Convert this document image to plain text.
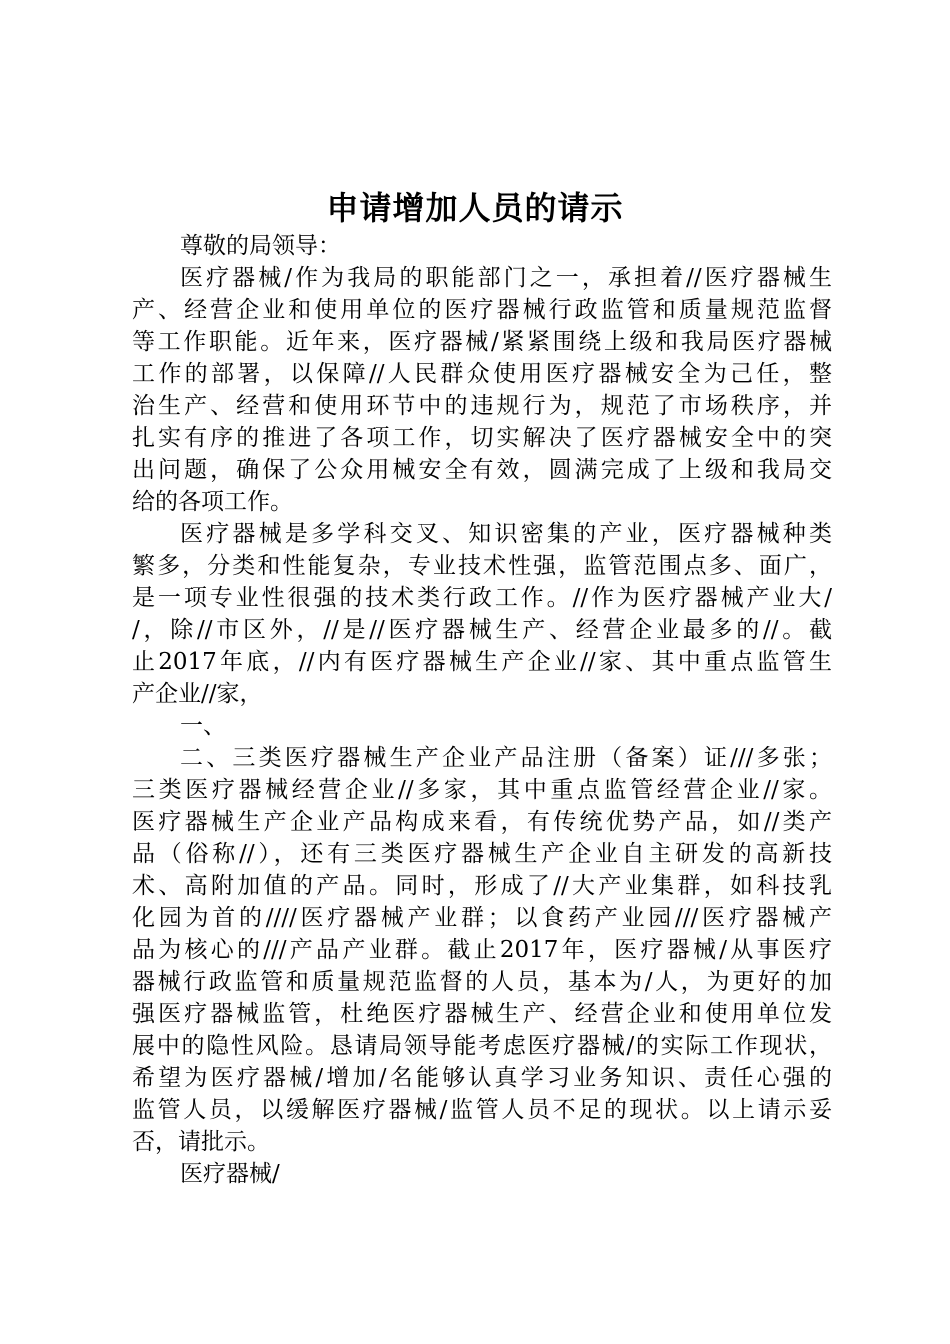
申请增加人员的请示
尊敬的局领导：
医疗器械/作为我局的职能部门之一，承担着//医疗器械生
产、经营企业和使用单位的医疗器械行政监管和质量规范监督
等工作职能。近年来，医疗器械/紧紧围绕上级和我局医疗器械
工作的部署，以保障//人民群众使用医疗器械安全为己任，整
治生产、经营和使用环节中的违规行为，规范了市场秩序，并
扎实有序的推进了各项工作，切实解决了医疗器械安全中的突
出问题，确保了公众用械安全有效，圆满完成了上级和我局交
给的各项工作。
医疗器械是多学科交叉、知识密集的产业，医疗器械种类
繁多，分类和性能复杂，专业技术性强，监管范围点多、面广，
是一项专业性很强的技术类行政工作。//作为医疗器械产业大/
/，除//市区外，//是//医疗器械生产、经营企业最多的//。截
止2017年底，//内有医疗器械生产企业//家、其中重点监管生
产企业//家，
一、
二、三类医疗器械生产企业产品注册（备案）证///多张；
三类医疗器械经营企业//多家，其中重点监管经营企业//家。
医疗器械生产企业产品构成来看，有传统优势产品，如//类产
品（俗称//），还有三类医疗器械生产企业自主研发的高新技
术、高附加值的产品。同时，形成了//大产业集群，如科技乳
化园为首的////医疗器械产业群；以食药产业园///医疗器械产
品为核心的///产品产业群。截止2017年，医疗器械/从事医疗
器械行政监管和质量规范监督的人员，基本为/人，为更好的加
强医疗器械监管，杜绝医疗器械生产、经营企业和使用单位发
展中的隐性风险。恳请局领导能考虑医疗器械/的实际工作现状，
希望为医疗器械/增加/名能够认真学习业务知识、责任心强的
监管人员，以缓解医疗器械/监管人员不足的现状。以上请示妥
否，请批示。
医疗器械/
